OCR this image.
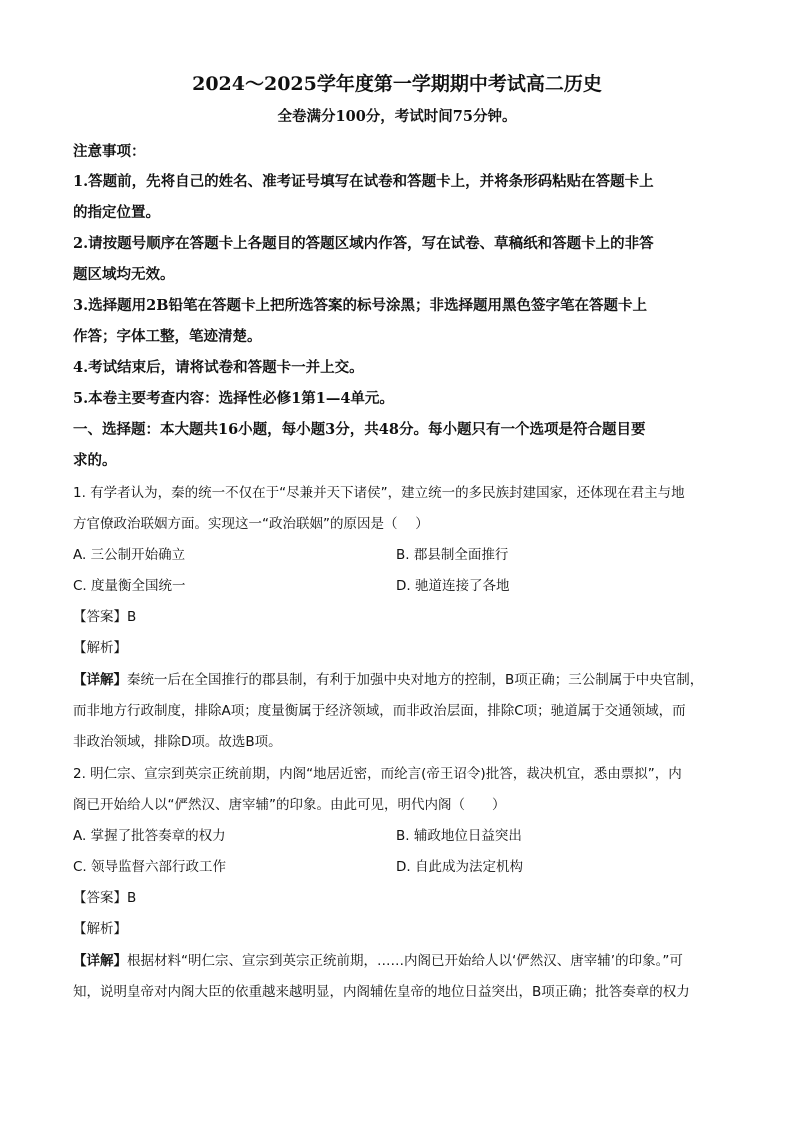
2024～2025学年度第一学期期中考试高二历史
全卷满分100分，考试时间75分钟。
注意事项：
1.答题前，先将自己的姓名、准考证号填写在试卷和答题卡上，并将条形码粘贴在答题卡上
的指定位置。
2.请按题号顺序在答题卡上各题目的答题区域内作答，写在试卷、草稿纸和答题卡上的非答
题区域均无效。
3.选择题用2B铅笔在答题卡上把所选答案的标号涂黑；非选择题用黑色签字笔在答题卡上
作答；字体工整，笔迹清楚。
4.考试结束后，请将试卷和答题卡一并上交。
5.本卷主要考查内容：选择性必修1第1—4单元。
一、选择题：本大题共16小题，每小题3分，共48分。每小题只有一个选项是符合题目要
求的。
1. 有学者认为，秦的统一不仅在于“尽兼并天下诸侯”，建立统一的多民族封建国家，还体现在君主与地
方官僚政治联姻方面。实现这一“政治联姻”的原因是（　 ）
A. 三公制开始确立	B. 郡县制全面推行
C. 度量衡全国统一	D. 驰道连接了各地
【答案】B
【解析】
【详解】秦统一后在全国推行的郡县制，有利于加强中央对地方的控制，B项正确；三公制属于中央官制，
而非地方行政制度，排除A项；度量衡属于经济领域，而非政治层面，排除C项；驰道属于交通领域，而
非政治领域，排除D项。故选B项。
2. 明仁宗、宣宗到英宗正统前期，内阁“地居近密，而纶言(帝王诏令)批答，裁决机宜，悉由票拟”，内
阁已开始给人以“俨然汉、唐宰辅”的印象。由此可见，明代内阁（　　）
A. 掌握了批答奏章的权力	B. 辅政地位日益突出
C. 领导监督六部行政工作	D. 自此成为法定机构
【答案】B
【解析】
【详解】根据材料“明仁宗、宣宗到英宗正统前期，……内阁已开始给人以‘俨然汉、唐宰辅’的印象。”可
知，说明皇帝对内阁大臣的依重越来越明显，内阁辅佐皇帝的地位日益突出，B项正确；批答奏章的权力
